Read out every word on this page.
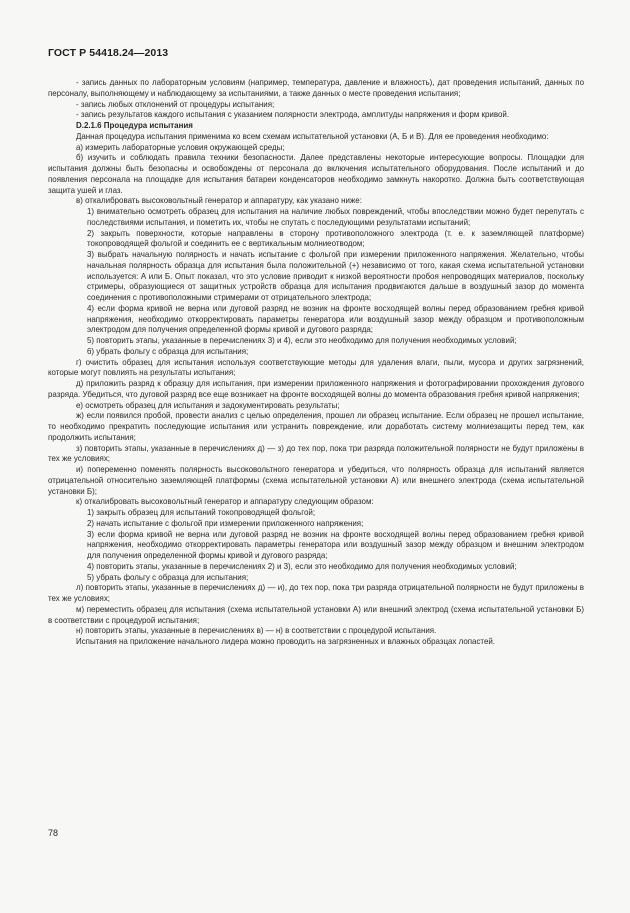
ГОСТ Р 54418.24—2013

- запись данных по лабораторным условиям (например, температура, давление и влажность), дат проведения испытаний, данных по персоналу, выполняющему и наблюдающему за испытаниями, а также данных о месте проведения испытания;

- запись любых отклонений от процедуры испытания;

- запись результатов каждого испытания с указанием полярности электрода, амплитуды напряжения и форм кривой.

D.2.1.6 Процедура испытания

Данная процедура испытания применима ко всем схемам испытательной установки (А, Б и В). Для ее проведения необходимо:

а) измерить лабораторные условия окружающей среды;

б) изучить и соблюдать правила техники безопасности. Далее представлены некоторые интересующие вопросы. Площадки для испытания должны быть безопасны и освобождены от персонала до включения испытательного оборудования. После испытаний и до появления персонала на площадке для испытания батареи конденсаторов необходимо замкнуть накоротко. Должна быть соответствующая защита ушей и глаз.

в) откалибровать высоковольтный генератор и аппаратуру, как указано ниже:

1) внимательно осмотреть образец для испытания на наличие любых повреждений, чтобы впоследствии можно будет перепутать с последствиями испытания, и пометить их, чтобы не спутать с последующими результатами испытаний;

2) закрыть поверхности, которые направлены в сторону противоположного электрода (т. е. к заземляющей платформе) токопроводящей фольгой и соединить ее с вертикальным молниеотводом;

3) выбрать начальную полярность и начать испытание с фольгой при измерении приложенного напряжения. Желательно, чтобы начальная полярность образца для испытания была положительной (+) независимо от того, какая схема испытательной установки используется: А или Б. Опыт показал, что это условие приводит к низкой вероятности пробоя непроводящих материалов, поскольку стримеры, образующиеся от защитных устройств образца для испытания продвигаются дальше в воздушный зазор до момента соединения с противоположными стримерами от отрицательного электрода;

4) если форма кривой не верна или дуговой разряд не возник на фронте восходящей волны перед образованием гребня кривой напряжения, необходимо откорректировать параметры генератора или воздушный зазор между образцом и противоположным электродом для получения определенной формы кривой и дугового разряда;

5) повторить этапы, указанные в перечислениях 3) и 4), если это необходимо для получения необходимых условий;

6) убрать фольгу с образца для испытания;

г) очистить образец для испытания используя соответствующие методы для удаления влаги, пыли, мусора и других загрязнений, которые могут повлиять на результаты испытания;

д) приложить разряд к образцу для испытания, при измерении приложенного напряжения и фотографировании прохождения дугового разряда. Убедиться, что дуговой разряд все еще возникает на фронте восходящей волны до момента образования гребня кривой напряжения;

е) осмотреть образец для испытания и задокументировать результаты;

ж) если появился пробой, провести анализ с целью определения, прошел ли образец испытание. Если образец не прошел испытание, то необходимо прекратить последующие испытания или устранить повреждение, или доработать систему молниезащиты перед тем, как продолжить испытания;

з) повторить этапы, указанные в перечислениях д) — з) до тех пор, пока три разряда положительной полярности не будут приложены в тех же условиях;

и) попеременно поменять полярность высоковольтного генератора и убедиться, что полярность образца для испытаний является отрицательной относительно заземляющей платформы (схема испытательной установки А) или внешнего электрода (схема испытательной установки Б);

к) откалибровать высоковольтный генератор и аппаратуру следующим образом:

1) закрыть образец для испытаний токопроводящей фольгой;

2) начать испытание с фольгой при измерении приложенного напряжения;

3) если форма кривой не верна или дуговой разряд не возник на фронте восходящей волны перед образованием гребня кривой напряжения, необходимо откорректировать параметры генератора или воздушный зазор между образцом и внешним электродом для получения определенной формы кривой и дугового разряда;

4) повторить этапы, указанные в перечислениях 2) и 3), если это необходимо для получения необходимых условий;

5) убрать фольгу с образца для испытания;

л) повторить этапы, указанные в перечислениях д) — и), до тех пор, пока три разряда отрицательной полярности не будут приложены в тех же условиях;

м) переместить образец для испытания (схема испытательной установки А) или внешний электрод (схема испытательной установки Б) в соответствии с процедурой испытания;

н) повторить этапы, указанные в перечислениях в) — н) в соответствии с процедурой испытания.

Испытания на приложение начального лидера можно проводить на загрязненных и влажных образцах лопастей.

78
